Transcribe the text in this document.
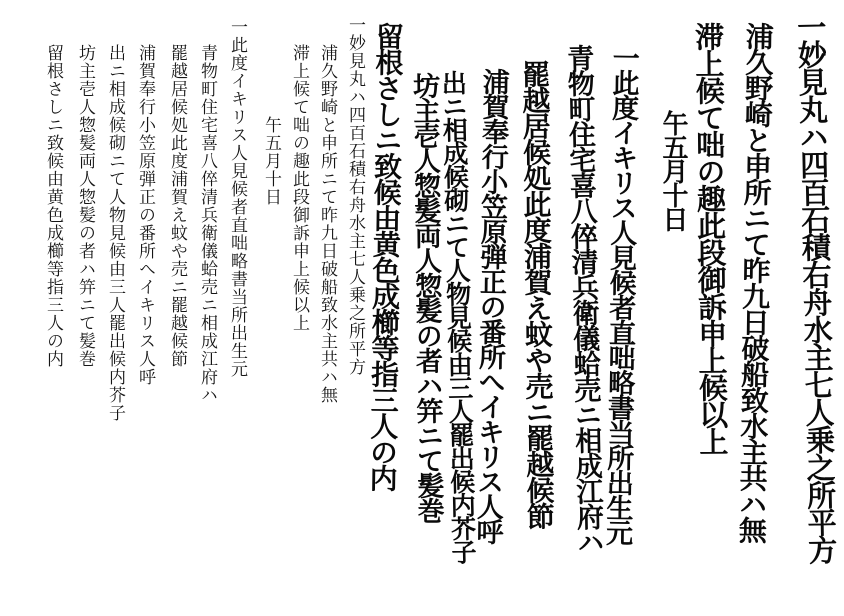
一妙見丸ハ四百石積右舟水主七人乗之所平方
浦久野崎と申所ニて昨九日破船致水主共ハ無
滞上候て咄の趣此段御訴申上候以上
午五月十日
一此度イキリス人見候者直咄略書当所出生元
青物町住宅喜八倅清兵衛儀蛤売ニ相成江府ハ
罷越居候処此度浦賀え蚊や売ニ罷越候節
浦賀奉行小笠原弾正の番所へイキリス人呼
出ニ相成候砌ニて人物見候由三人罷出候内芥子
坊主壱人惣髪両人惣髪の者ハ笄ニて髪巻
留根さしニ致候由黄色成櫛等指三人の内
一妙見丸ハ四百石積右舟水主七人乗之所平方
浦久野崎と申所ニて昨九日破船致水主共ハ無
滞上候て咄の趣此段御訴申上候以上
午五月十日
一此度イキリス人見候者直咄略書当所出生元
青物町住宅喜八倅清兵衛儀蛤売ニ相成江府ハ
罷越居候処此度浦賀え蚊や売ニ罷越候節
浦賀奉行小笠原弾正の番所へイキリス人呼
出ニ相成候砌ニて人物見候由三人罷出候内芥子
坊主壱人惣髪両人惣髪の者ハ笄ニて髪巻
留根さしニ致候由黄色成櫛等指三人の内
